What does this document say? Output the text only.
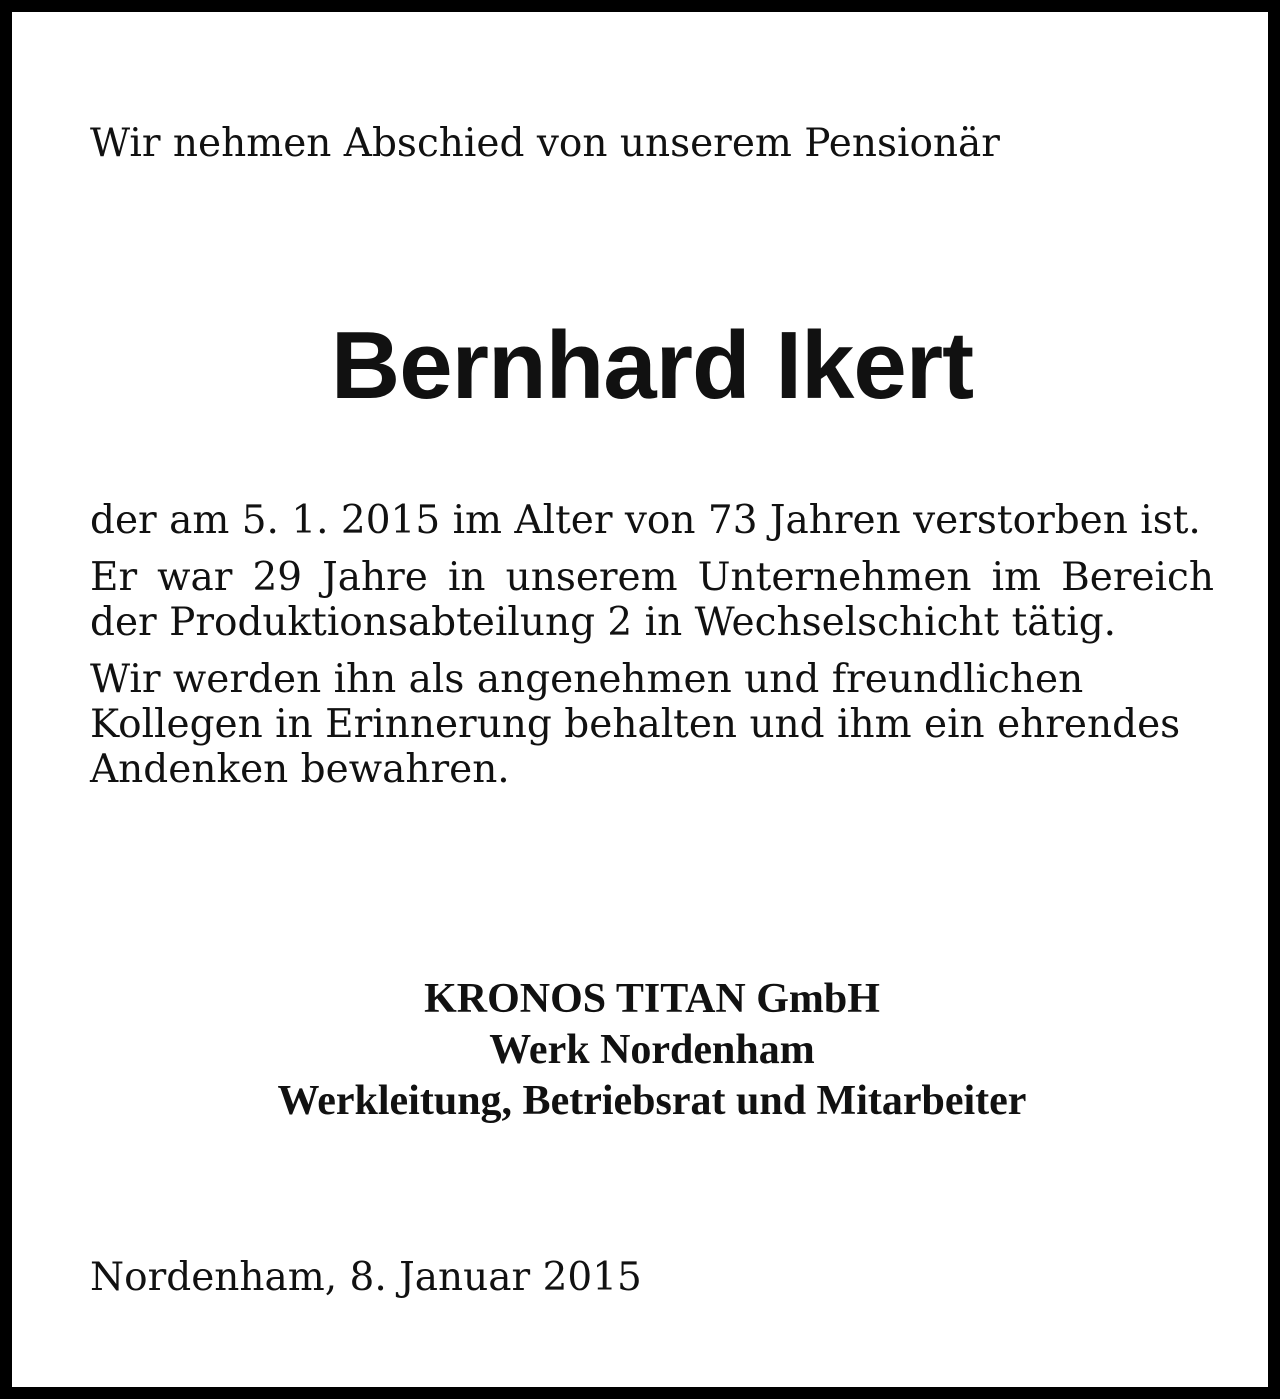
Wir nehmen Abschied von unserem Pensionär
Bernhard Ikert

der am 5. 1. 2015 im Alter von 73 Jahren verstorben ist.

Er war 29 Jahre in unserem Unternehmen im Bereich der Produktionsabteilung 2 in Wechselschicht tätig.

Wir werden ihn als angenehmen und freundlichen Kollegen in Erinnerung behalten und ihm ein ehrendes Andenken bewahren.

KRONOS TITAN GmbH
Werk Nordenham
Werkleitung, Betriebsrat und Mitarbeiter
Nordenham, 8. Januar 2015
